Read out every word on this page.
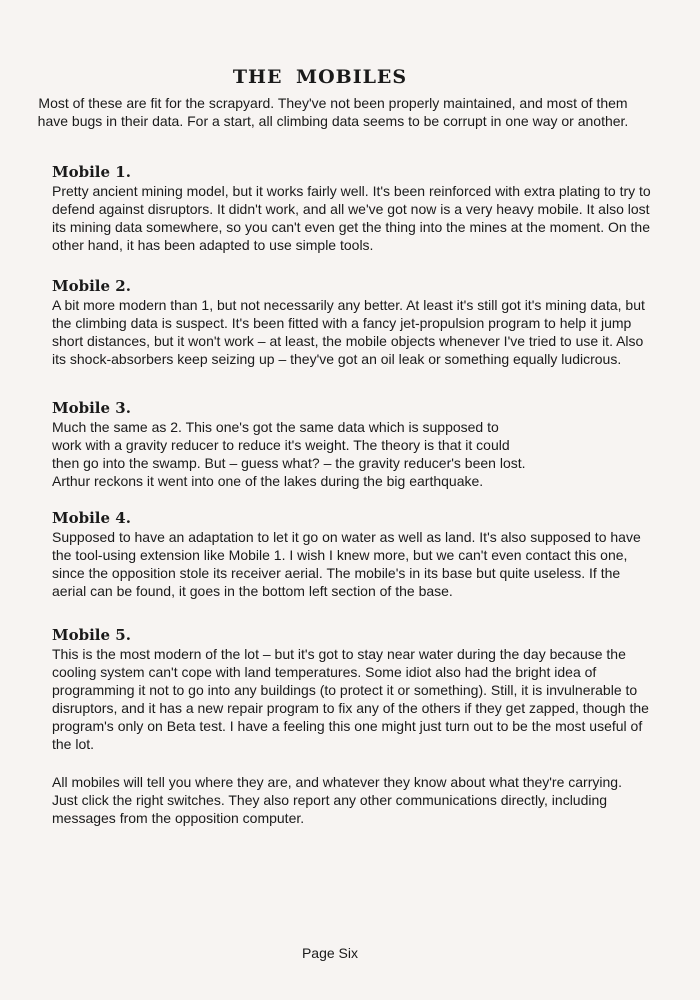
THE MOBILES

Most of these are fit for the scrapyard. They've not been properly maintained, and most of them have bugs in their data. For a start, all climbing data seems to be corrupt in one way or another.

Mobile 1.

Pretty ancient mining model, but it works fairly well. It's been reinforced with extra plating to try to defend against disruptors. It didn't work, and all we've got now is a very heavy mobile. It also lost its mining data somewhere, so you can't even get the thing into the mines at the moment. On the other hand, it has been adapted to use simple tools.

Mobile 2.

A bit more modern than 1, but not necessarily any better. At least it's still got it's mining data, but the climbing data is suspect. It's been fitted with a fancy jet-propulsion program to help it jump short distances, but it won't work – at least, the mobile objects whenever I've tried to use it. Also its shock-absorbers keep seizing up – they've got an oil leak or something equally ludicrous.

Mobile 3.

Much the same as 2. This one's got the same data which is supposed to work with a gravity reducer to reduce it's weight. The theory is that it could then go into the swamp. But – guess what? – the gravity reducer's been lost. Arthur reckons it went into one of the lakes during the big earthquake.

Mobile 4.

Supposed to have an adaptation to let it go on water as well as land. It's also supposed to have the tool-using extension like Mobile 1. I wish I knew more, but we can't even contact this one, since the opposition stole its receiver aerial. The mobile's in its base but quite useless. If the aerial can be found, it goes in the bottom left section of the base.

Mobile 5.

This is the most modern of the lot – but it's got to stay near water during the day because the cooling system can't cope with land temperatures. Some idiot also had the bright idea of programming it not to go into any buildings (to protect it or something). Still, it is invulnerable to disruptors, and it has a new repair program to fix any of the others if they get zapped, though the program's only on Beta test. I have a feeling this one might just turn out to be the most useful of the lot.

All mobiles will tell you where they are, and whatever they know about what they're carrying. Just click the right switches. They also report any other communications directly, including messages from the opposition computer.

Page Six
